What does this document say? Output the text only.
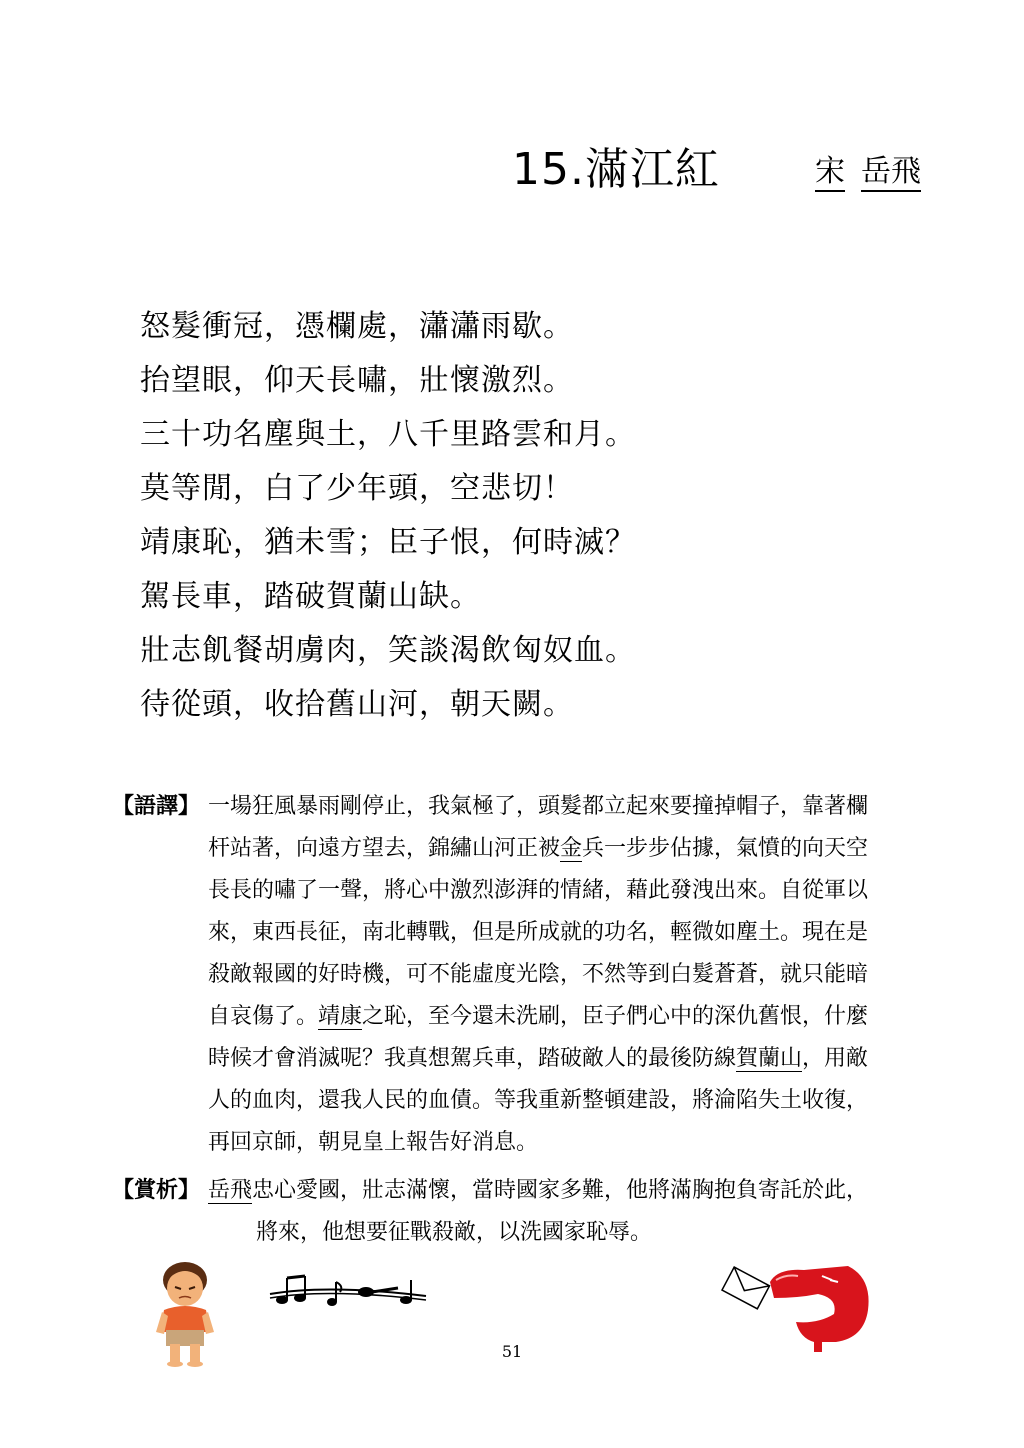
15.滿江紅	宋 岳飛
怒髮衝冠，憑欄處，瀟瀟雨歇。
抬望眼，仰天長嘯，壯懷激烈。
三十功名塵與土，八千里路雲和月。
莫等閒，白了少年頭，空悲切！
靖康恥，猶未雪；臣子恨，何時滅？
駕長車，踏破賀蘭山缺。
壯志飢餐胡虜肉，笑談渴飲匈奴血。
待從頭，收拾舊山河，朝天闕。
【語譯】 一場狂風暴雨剛停止，我氣極了，頭髮都立起來要撞掉帽子，靠著欄
杆站著，向遠方望去，錦繡山河正被金兵一步步佔據，氣憤的向天空
長長的嘯了一聲，將心中激烈澎湃的情緒，藉此發洩出來。自從軍以
來，東西長征，南北轉戰，但是所成就的功名，輕微如塵土。現在是
殺敵報國的好時機，可不能虛度光陰，不然等到白髮蒼蒼，就只能暗
自哀傷了。靖康之恥，至今還未洗刷，臣子們心中的深仇舊恨，什麼
時候才會消滅呢？我真想駕兵車，踏破敵人的最後防線賀蘭山，用敵
人的血肉，還我人民的血債。等我重新整頓建設，將淪陷失土收復，
再回京師，朝見皇上報告好消息。
【賞析】 岳飛忠心愛國，壯志滿懷，當時國家多難，他將滿胸抱負寄託於此，
將來，他想要征戰殺敵，以洗國家恥辱。
51
